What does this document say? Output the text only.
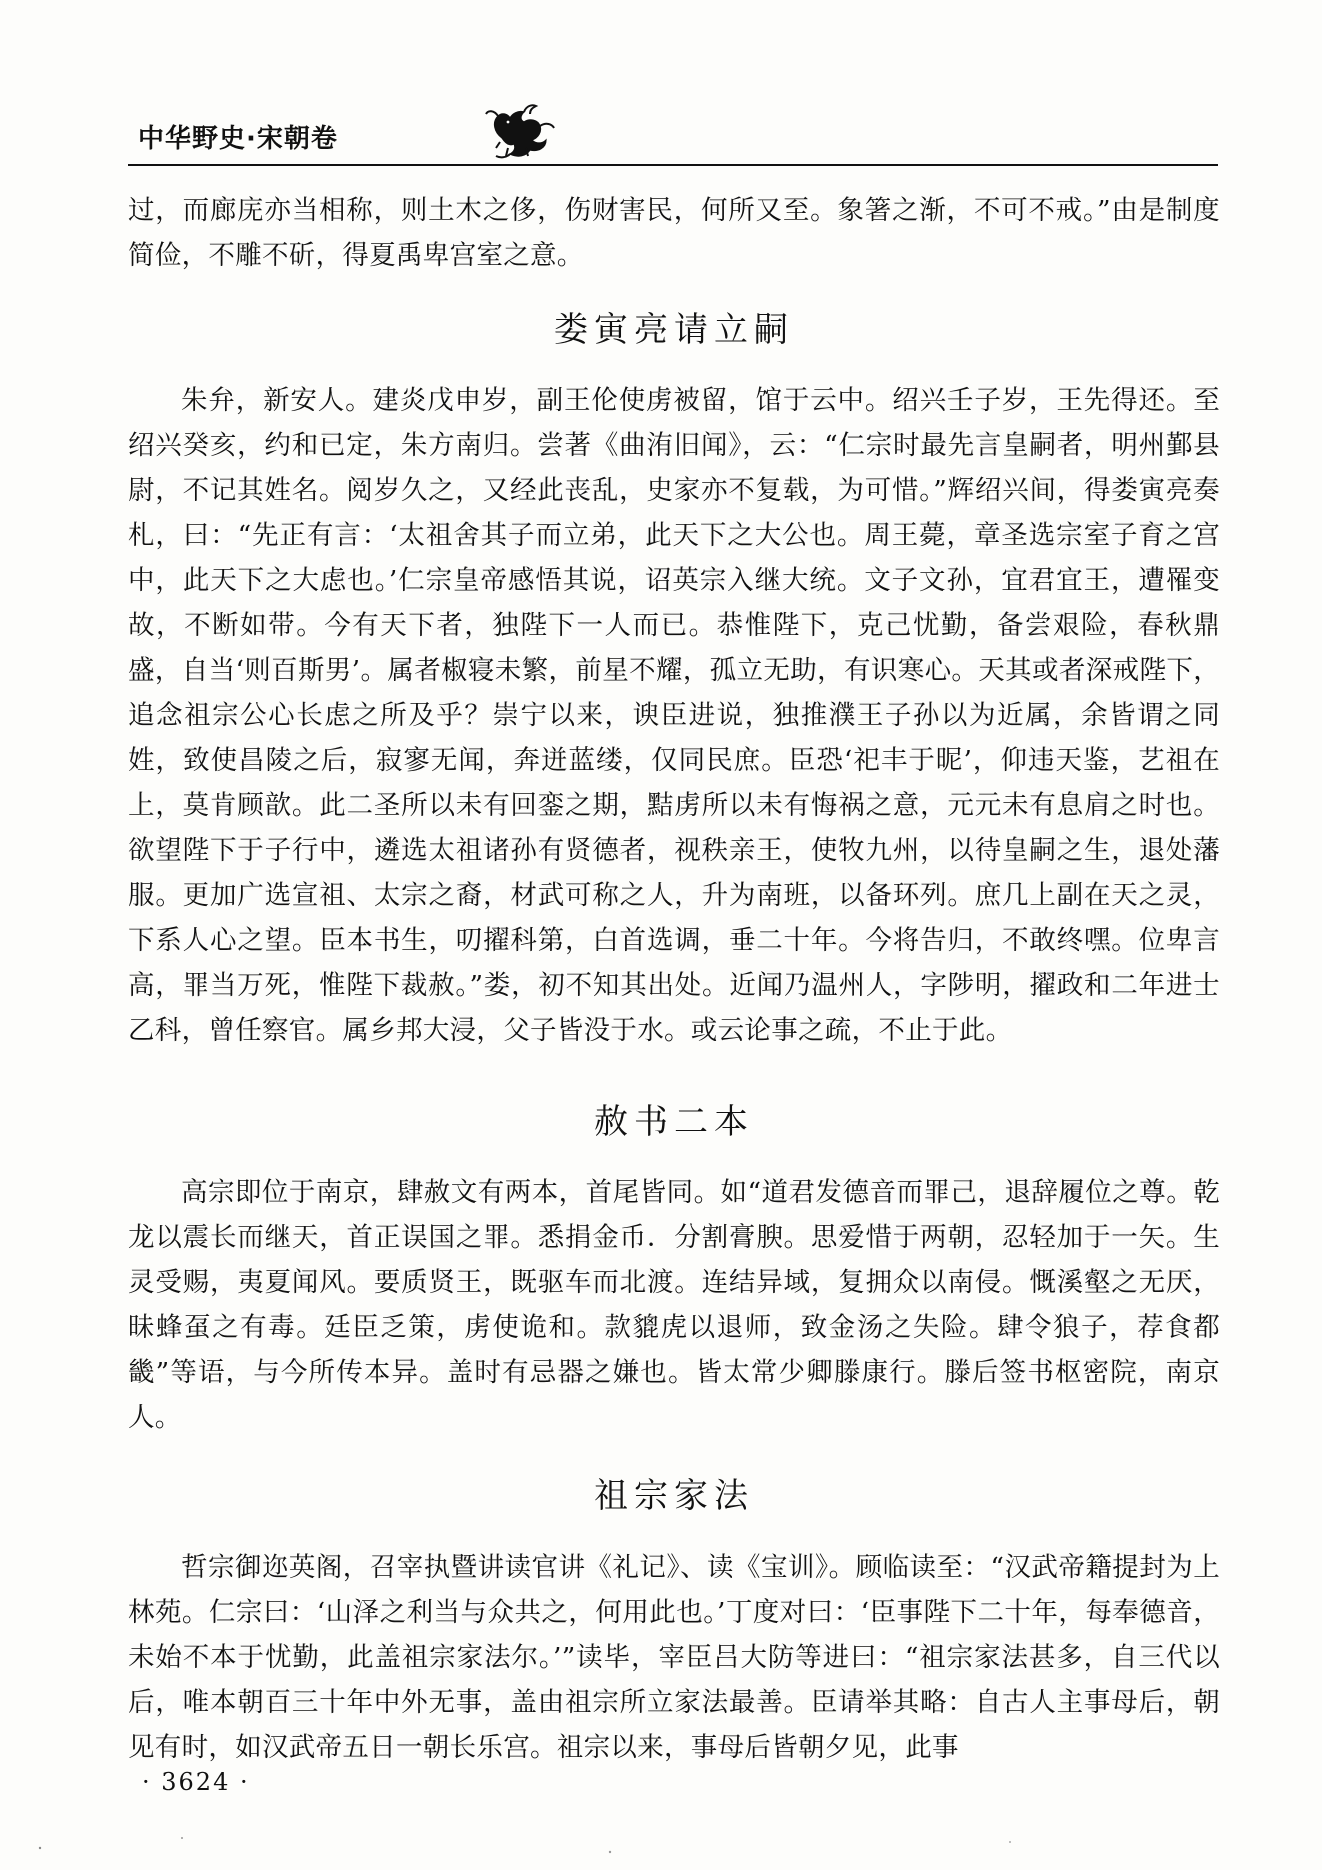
中华野史·宋朝卷

过，而廊庑亦当相称，则土木之侈，伤财害民，何所又至。象箸之渐，不可不戒。”由是制度简俭，不雕不斫，得夏禹卑宫室之意。

娄寅亮请立嗣

朱弁，新安人。建炎戊申岁，副王伦使虏被留，馆于云中。绍兴壬子岁，王先得还。至绍兴癸亥，约和已定，朱方南归。尝著《曲洧旧闻》，云：“仁宗时最先言皇嗣者，明州鄞县尉，不记其姓名。阅岁久之，又经此丧乱，史家亦不复载，为可惜。”辉绍兴间，得娄寅亮奏札，曰：“先正有言：‘太祖舍其子而立弟，此天下之大公也。周王薨，章圣选宗室子育之宫中，此天下之大虑也。’仁宗皇帝感悟其说，诏英宗入继大统。文子文孙，宜君宜王，遭罹变故，不断如带。今有天下者，独陛下一人而已。恭惟陛下，克己忧勤，备尝艰险，春秋鼎盛，自当‘则百斯男’。属者椒寝未繁，前星不耀，孤立无助，有识寒心。天其或者深戒陛下，追念祖宗公心长虑之所及乎？崇宁以来，谀臣进说，独推濮王子孙以为近属，余皆谓之同姓，致使昌陵之后，寂寥无闻，奔迸蓝缕，仅同民庶。臣恐‘祀丰于昵’，仰违天鉴，艺祖在上，莫肯顾歆。此二圣所以未有回銮之期，黠虏所以未有悔祸之意，元元未有息肩之时也。欲望陛下于子行中，遴选太祖诸孙有贤德者，视秩亲王，使牧九州，以待皇嗣之生，退处藩服。更加广选宣祖、太宗之裔，材武可称之人，升为南班，以备环列。庶几上副在天之灵，下系人心之望。臣本书生，叨擢科第，白首选调，垂二十年。今将告归，不敢终嘿。位卑言高，罪当万死，惟陛下裁赦。”娄，初不知其出处。近闻乃温州人，字陟明，擢政和二年进士乙科，曾任察官。属乡邦大浸，父子皆没于水。或云论事之疏，不止于此。

赦书二本

高宗即位于南京，肆赦文有两本，首尾皆同。如“道君发德音而罪己，退辞履位之尊。乾龙以震长而继天，首正误国之罪。悉捐金币．分割膏腴。思爱惜于两朝，忍轻加于一矢。生灵受赐，夷夏闻风。要质贤王，既驱车而北渡。连结异域，复拥众以南侵。慨溪壑之无厌，昧蜂虿之有毒。廷臣乏策，虏使诡和。款貔虎以退师，致金汤之失险。肆令狼子，荐食都畿”等语，与今所传本异。盖时有忌器之嫌也。皆太常少卿滕康行。滕后签书枢密院，南京人。

祖宗家法

哲宗御迩英阁，召宰执暨讲读官讲《礼记》、读《宝训》。顾临读至：“汉武帝籍提封为上林苑。仁宗曰：‘山泽之利当与众共之，何用此也。’丁度对曰：‘臣事陛下二十年，每奉德音，未始不本于忧勤，此盖祖宗家法尔。’”读毕，宰臣吕大防等进曰：“祖宗家法甚多，自三代以后，唯本朝百三十年中外无事，盖由祖宗所立家法最善。臣请举其略：自古人主事母后，朝见有时，如汉武帝五日一朝长乐宫。祖宗以来，事母后皆朝夕见，此事

· 3624 ·
